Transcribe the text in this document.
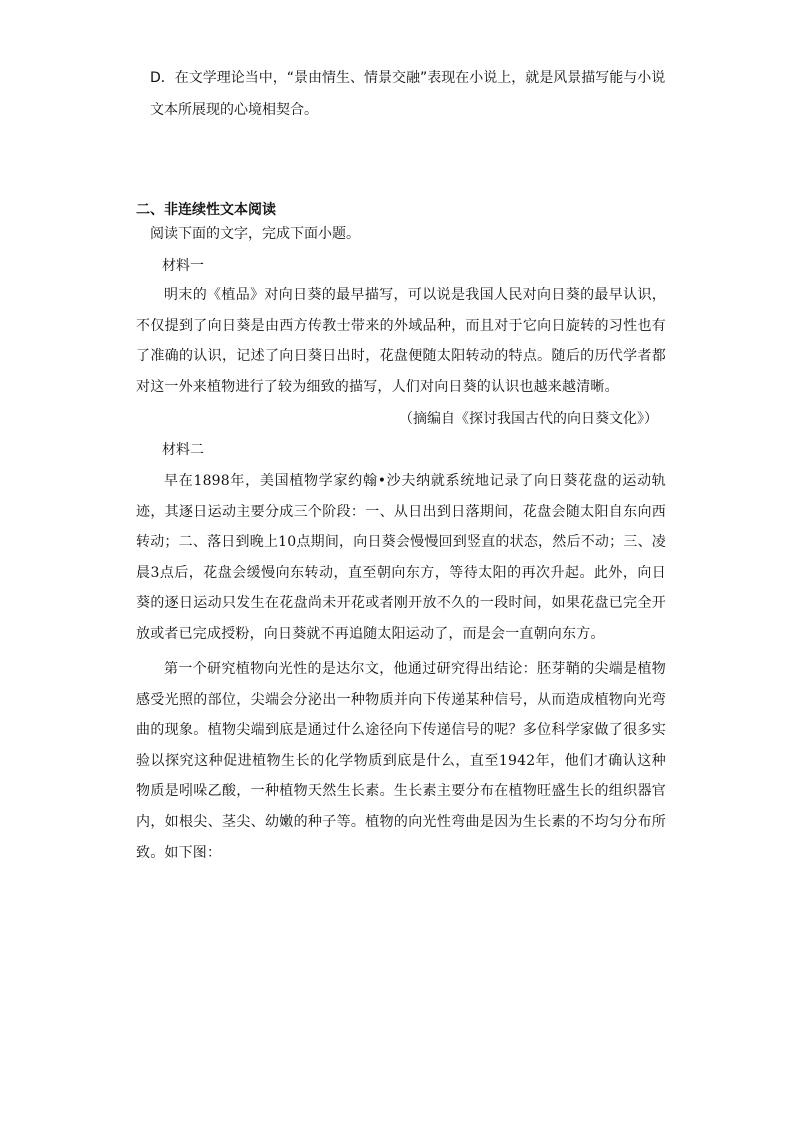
D．在文学理论当中，“景由情生、情景交融”表现在小说上，就是风景描写能与小说
文本所展现的心境相契合。
二、非连续性文本阅读
阅读下面的文字，完成下面小题。
材料一
明末的《植品》对向日葵的最早描写，可以说是我国人民对向日葵的最早认识，不仅提到了向日葵是由西方传教士带来的外域品种，而且对于它向日旋转的习性也有了准确的认识，记述了向日葵日出时，花盘便随太阳转动的特点。随后的历代学者都对这一外来植物进行了较为细致的描写，人们对向日葵的认识也越来越清晰。
（摘编自《探讨我国古代的向日葵文化》）
材料二
早在1898年，美国植物学家约翰•沙夫纳就系统地记录了向日葵花盘的运动轨迹，其逐日运动主要分成三个阶段：一、从日出到日落期间，花盘会随太阳自东向西转动；二、落日到晚上10点期间，向日葵会慢慢回到竖直的状态，然后不动；三、凌晨3点后，花盘会缓慢向东转动，直至朝向东方，等待太阳的再次升起。此外，向日葵的逐日运动只发生在花盘尚未开花或者刚开放不久的一段时间，如果花盘已完全开放或者已完成授粉，向日葵就不再追随太阳运动了，而是会一直朝向东方。
第一个研究植物向光性的是达尔文，他通过研究得出结论：胚芽鞘的尖端是植物感受光照的部位，尖端会分泌出一种物质并向下传递某种信号，从而造成植物向光弯曲的现象。植物尖端到底是通过什么途径向下传递信号的呢？多位科学家做了很多实验以探究这种促进植物生长的化学物质到底是什么，直至1942年，他们才确认这种物质是吲哚乙酸，一种植物天然生长素。生长素主要分布在植物旺盛生长的组织器官内，如根尖、茎尖、幼嫩的种子等。植物的向光性弯曲是因为生长素的不均匀分布所致。如下图：
